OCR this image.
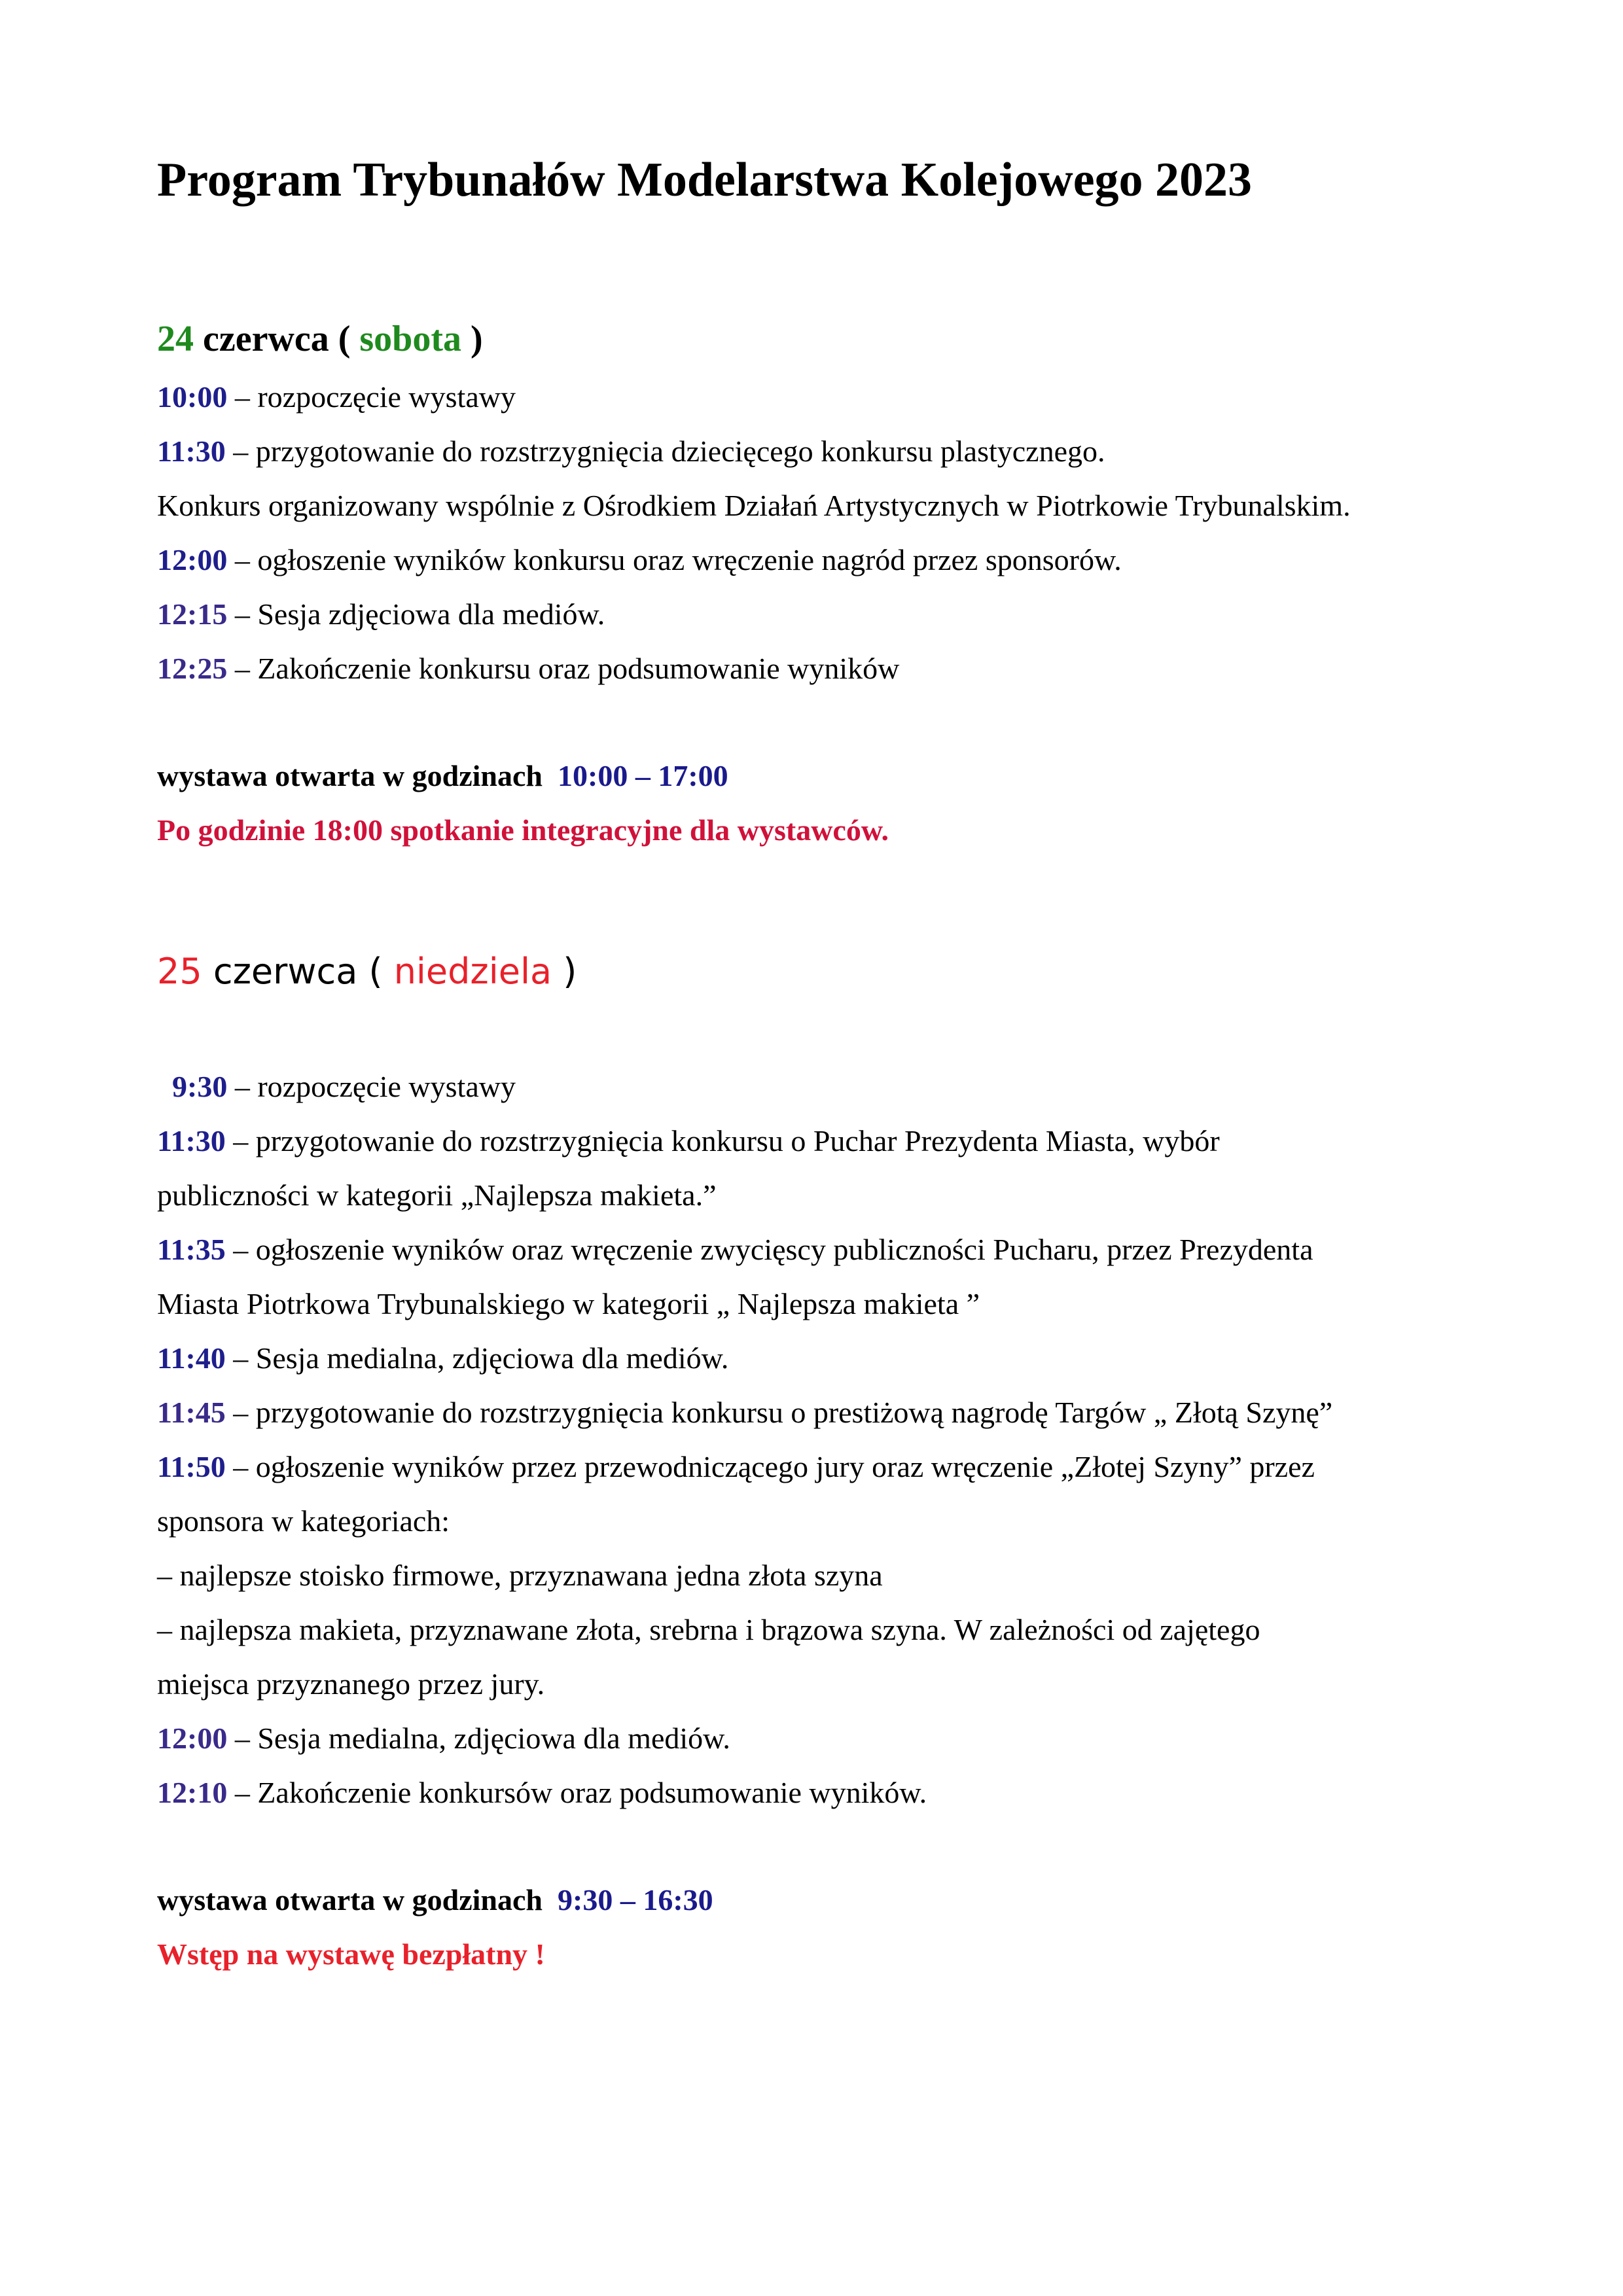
Program Trybunałów Modelarstwa Kolejowego 2023
24 czerwca ( sobota )
10:00 – rozpoczęcie wystawy
11:30 – przygotowanie do rozstrzygnięcia dziecięcego konkursu plastycznego.
Konkurs organizowany wspólnie z Ośrodkiem Działań Artystycznych w Piotrkowie Trybunalskim.
12:00 – ogłoszenie wyników konkursu oraz wręczenie nagród przez sponsorów.
12:15 – Sesja zdjęciowa dla mediów.
12:25 – Zakończenie konkursu oraz podsumowanie wyników
wystawa otwarta w godzinach  10:00 – 17:00
Po godzinie 18:00 spotkanie integracyjne dla wystawców.
25 czerwca ( niedziela )
9:30 – rozpoczęcie wystawy
11:30 – przygotowanie do rozstrzygnięcia konkursu o Puchar Prezydenta Miasta, wybór
publiczności w kategorii „Najlepsza makieta.”
11:35 – ogłoszenie wyników oraz wręczenie zwycięscy publiczności Pucharu, przez Prezydenta
Miasta Piotrkowa Trybunalskiego w kategorii „ Najlepsza makieta ”
11:40 – Sesja medialna, zdjęciowa dla mediów.
11:45 – przygotowanie do rozstrzygnięcia konkursu o prestiżową nagrodę Targów „ Złotą Szynę”
11:50 – ogłoszenie wyników przez przewodniczącego jury oraz wręczenie „Złotej Szyny” przez
sponsora w kategoriach:
– najlepsze stoisko firmowe, przyznawana jedna złota szyna
– najlepsza makieta, przyznawane złota, srebrna i brązowa szyna. W zależności od zajętego
miejsca przyznanego przez jury.
12:00 – Sesja medialna, zdjęciowa dla mediów.
12:10 – Zakończenie konkursów oraz podsumowanie wyników.
wystawa otwarta w godzinach  9:30 – 16:30
Wstęp na wystawę bezpłatny !
